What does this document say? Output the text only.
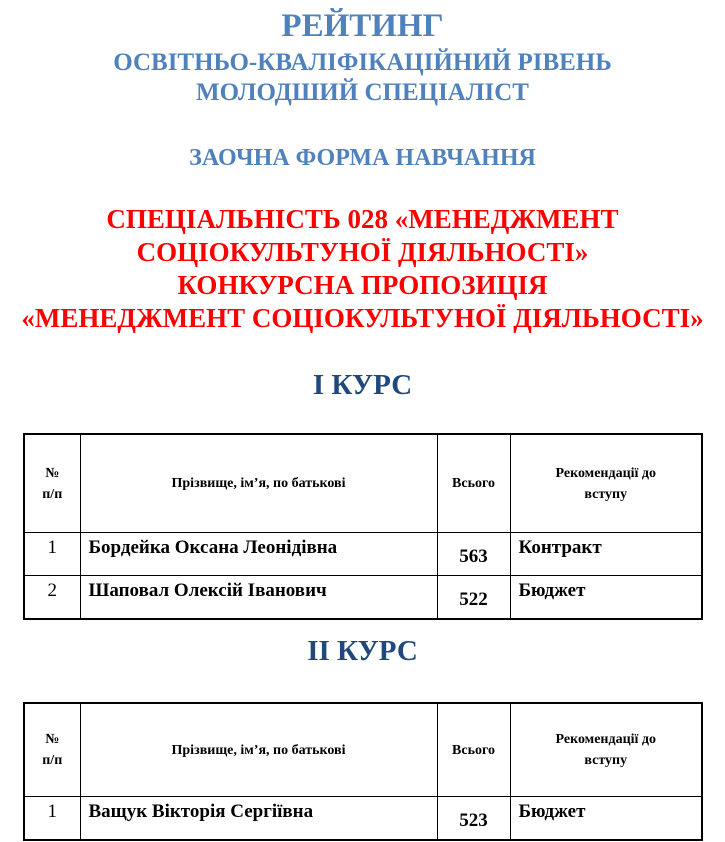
РЕЙТИНГ
ОСВІТНЬО-КВАЛІФІКАЦІЙНИЙ РІВЕНЬ
МОЛОДШИЙ СПЕЦІАЛІСТ
ЗАОЧНА ФОРМА НАВЧАННЯ
СПЕЦІАЛЬНІСТЬ 028 «МЕНЕДЖМЕНТ
СОЦІОКУЛЬТУНОЇ ДІЯЛЬНОСТІ»
КОНКУРСНА ПРОПОЗИЦІЯ
«МЕНЕДЖМЕНТ СОЦІОКУЛЬТУНОЇ ДІЯЛЬНОСТІ»
I КУРС
№
п/п	Прізвище, ім’я, по батькові	Всього	Рекомендації до
вступу
1	Бордейка Оксана Леонідівна	563	Контракт
2	Шаповал Олексій Іванович	522	Бюджет
II КУРС
№
п/п	Прізвище, ім’я, по батькові	Всього	Рекомендації до
вступу
1	Ващук Вікторія Сергіївна	523	Бюджет
